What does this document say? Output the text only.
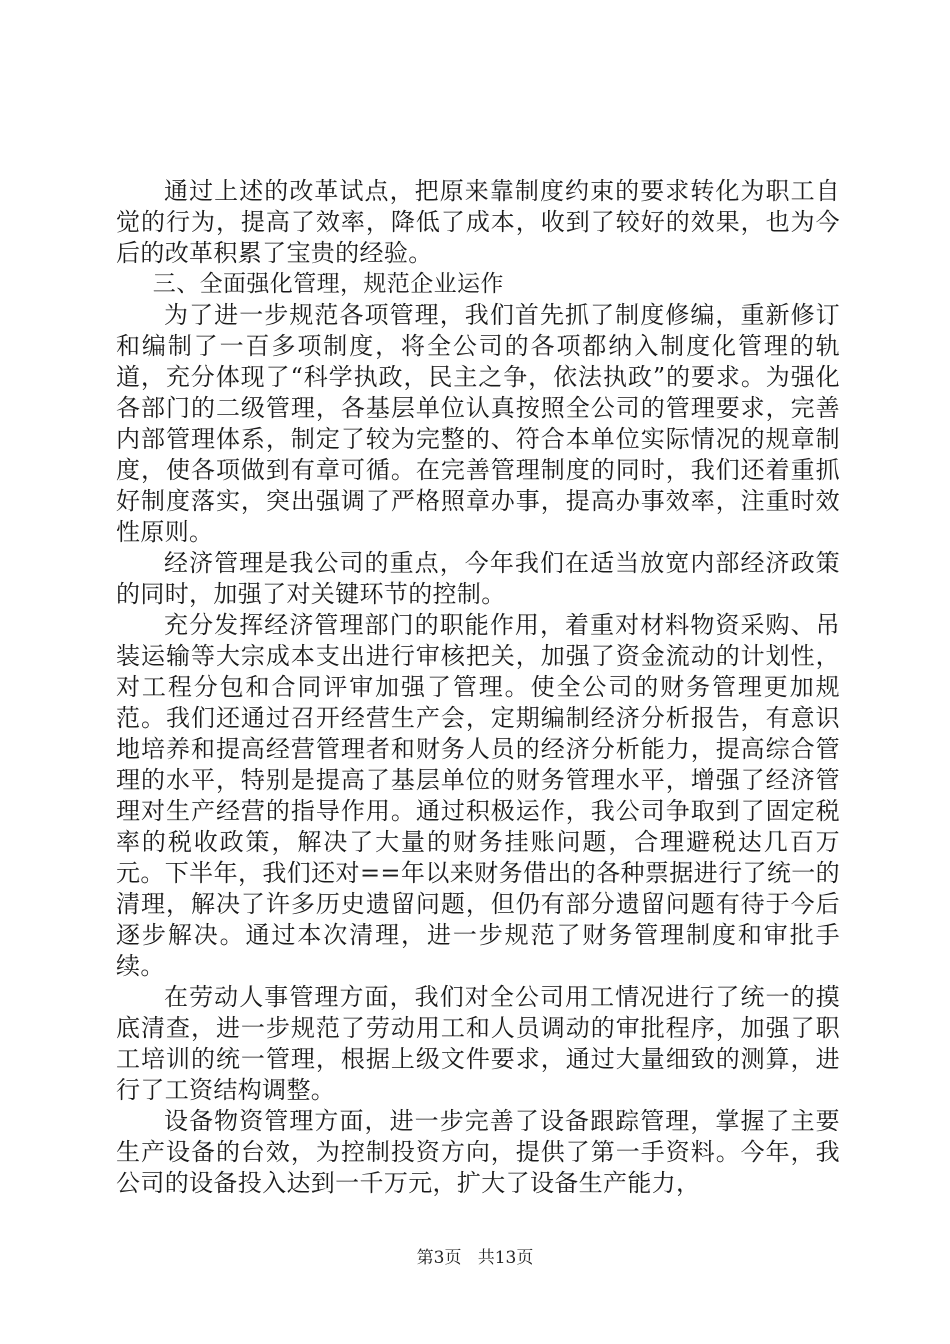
通过上述的改革试点，把原来靠制度约束的要求转化为职工自觉的行为，提高了效率，降低了成本，收到了较好的效果，也为今后的改革积累了宝贵的经验。

三、全面强化管理，规范企业运作

为了进一步规范各项管理，我们首先抓了制度修编，重新修订和编制了一百多项制度，将全公司的各项都纳入制度化管理的轨道，充分体现了“科学执政，民主之争，依法执政”的要求。为强化各部门的二级管理，各基层单位认真按照全公司的管理要求，完善内部管理体系，制定了较为完整的、符合本单位实际情况的规章制度，使各项做到有章可循。在完善管理制度的同时，我们还着重抓好制度落实，突出强调了严格照章办事，提高办事效率，注重时效性原则。

经济管理是我公司的重点，今年我们在适当放宽内部经济政策的同时，加强了对关键环节的控制。

充分发挥经济管理部门的职能作用，着重对材料物资采购、吊装运输等大宗成本支出进行审核把关，加强了资金流动的计划性，对工程分包和合同评审加强了管理。使全公司的财务管理更加规范。我们还通过召开经营生产会，定期编制经济分析报告，有意识地培养和提高经营管理者和财务人员的经济分析能力，提高综合管理的水平，特别是提高了基层单位的财务管理水平，增强了经济管理对生产经营的指导作用。通过积极运作，我公司争取到了固定税率的税收政策，解决了大量的财务挂账问题，合理避税达几百万元。下半年，我们还对==年以来财务借出的各种票据进行了统一的清理，解决了许多历史遗留问题，但仍有部分遗留问题有待于今后逐步解决。通过本次清理，进一步规范了财务管理制度和审批手续。

在劳动人事管理方面，我们对全公司用工情况进行了统一的摸底清查，进一步规范了劳动用工和人员调动的审批程序，加强了职工培训的统一管理，根据上级文件要求，通过大量细致的测算，进行了工资结构调整。

设备物资管理方面，进一步完善了设备跟踪管理，掌握了主要生产设备的台效，为控制投资方向，提供了第一手资料。今年，我公司的设备投入达到一千万元，扩大了设备生产能力，

第3页 共13页
